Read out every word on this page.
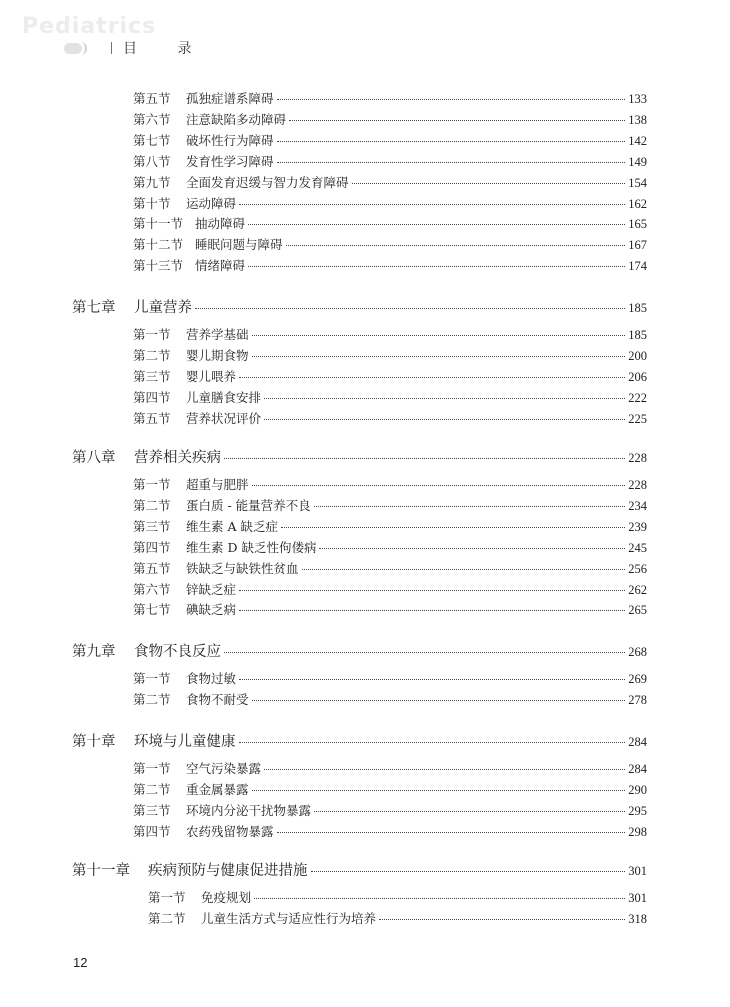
Pediatrics
目 录
第五节	孤独症谱系障碍	133
第六节	注意缺陷多动障碍	138
第七节	破坏性行为障碍	142
第八节	发育性学习障碍	149
第九节	全面发育迟缓与智力发育障碍	154
第十节	运动障碍	162
第十一节 抽动障碍	165
第十二节 睡眠问题与障碍	167
第十三节 情绪障碍	174
第七章	儿童营养	185
第一节	营养学基础	185
第二节	婴儿期食物	200
第三节	婴儿喂养	206
第四节	儿童膳食安排	222
第五节	营养状况评价	225
第八章	营养相关疾病	228
第一节	超重与肥胖	228
第二节	蛋白质 - 能量营养不良	234
第三节	维生素 A 缺乏症	239
第四节	维生素 D 缺乏性佝偻病	245
第五节	铁缺乏与缺铁性贫血	256
第六节	锌缺乏症	262
第七节	碘缺乏病	265
第九章	食物不良反应	268
第一节	食物过敏	269
第二节	食物不耐受	278
第十章	环境与儿童健康	284
第一节	空气污染暴露	284
第二节	重金属暴露	290
第三节	环境内分泌干扰物暴露	295
第四节	农药残留物暴露	298
第十一章	疾病预防与健康促进措施	301
第一节	免疫规划	301
第二节	儿童生活方式与适应性行为培养	318
12
